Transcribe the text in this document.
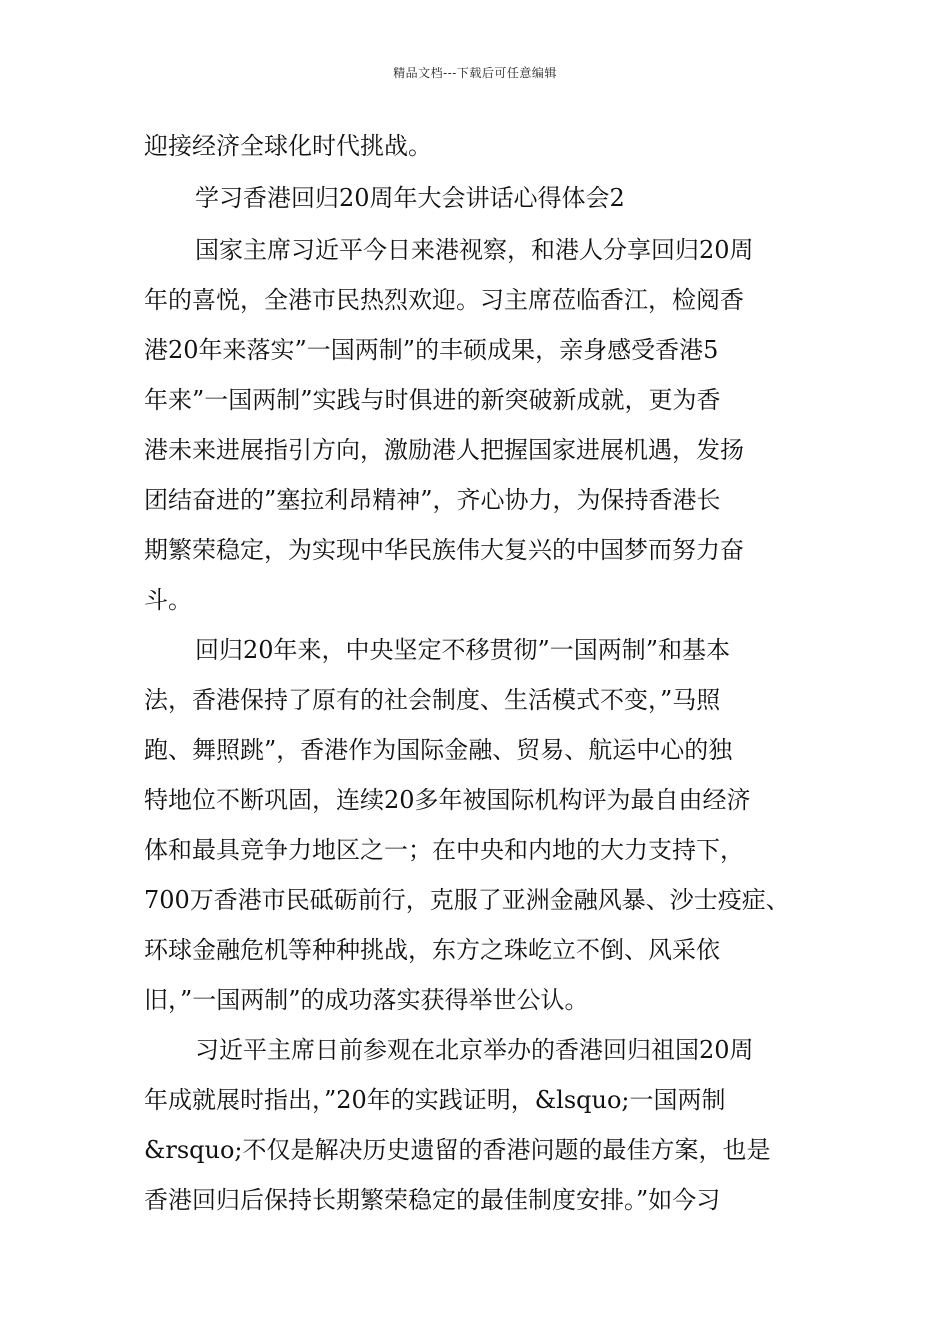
精品文档---下载后可任意编辑
迎接经济全球化时代挑战。
学习香港回归20周年大会讲话心得体会2
国家主席习近平今日来港视察，和港人分享回归20周
年的喜悦，全港市民热烈欢迎。习主席莅临香江，检阅香
港20年来落实”一国两制”的丰硕成果，亲身感受香港5
年来”一国两制”实践与时俱进的新突破新成就，更为香
港未来进展指引方向，激励港人把握国家进展机遇，发扬
团结奋进的”塞拉利昂精神”，齐心协力，为保持香港长
期繁荣稳定，为实现中华民族伟大复兴的中国梦而努力奋
斗。
回归20年来，中央坚定不移贯彻”一国两制”和基本
法，香港保持了原有的社会制度、生活模式不变，”马照
跑、舞照跳”，香港作为国际金融、贸易、航运中心的独
特地位不断巩固，连续20多年被国际机构评为最自由经济
体和最具竞争力地区之一；在中央和内地的大力支持下，
700万香港市民砥砺前行，克服了亚洲金融风暴、沙士疫症、
环球金融危机等种种挑战，东方之珠屹立不倒、风采依
旧，”一国两制”的成功落实获得举世公认。
习近平主席日前参观在北京举办的香港回归祖国20周
年成就展时指出，”20年的实践证明，&lsquo;一国两制
&rsquo;不仅是解决历史遗留的香港问题的最佳方案，也是
香港回归后保持长期繁荣稳定的最佳制度安排。”如今习
